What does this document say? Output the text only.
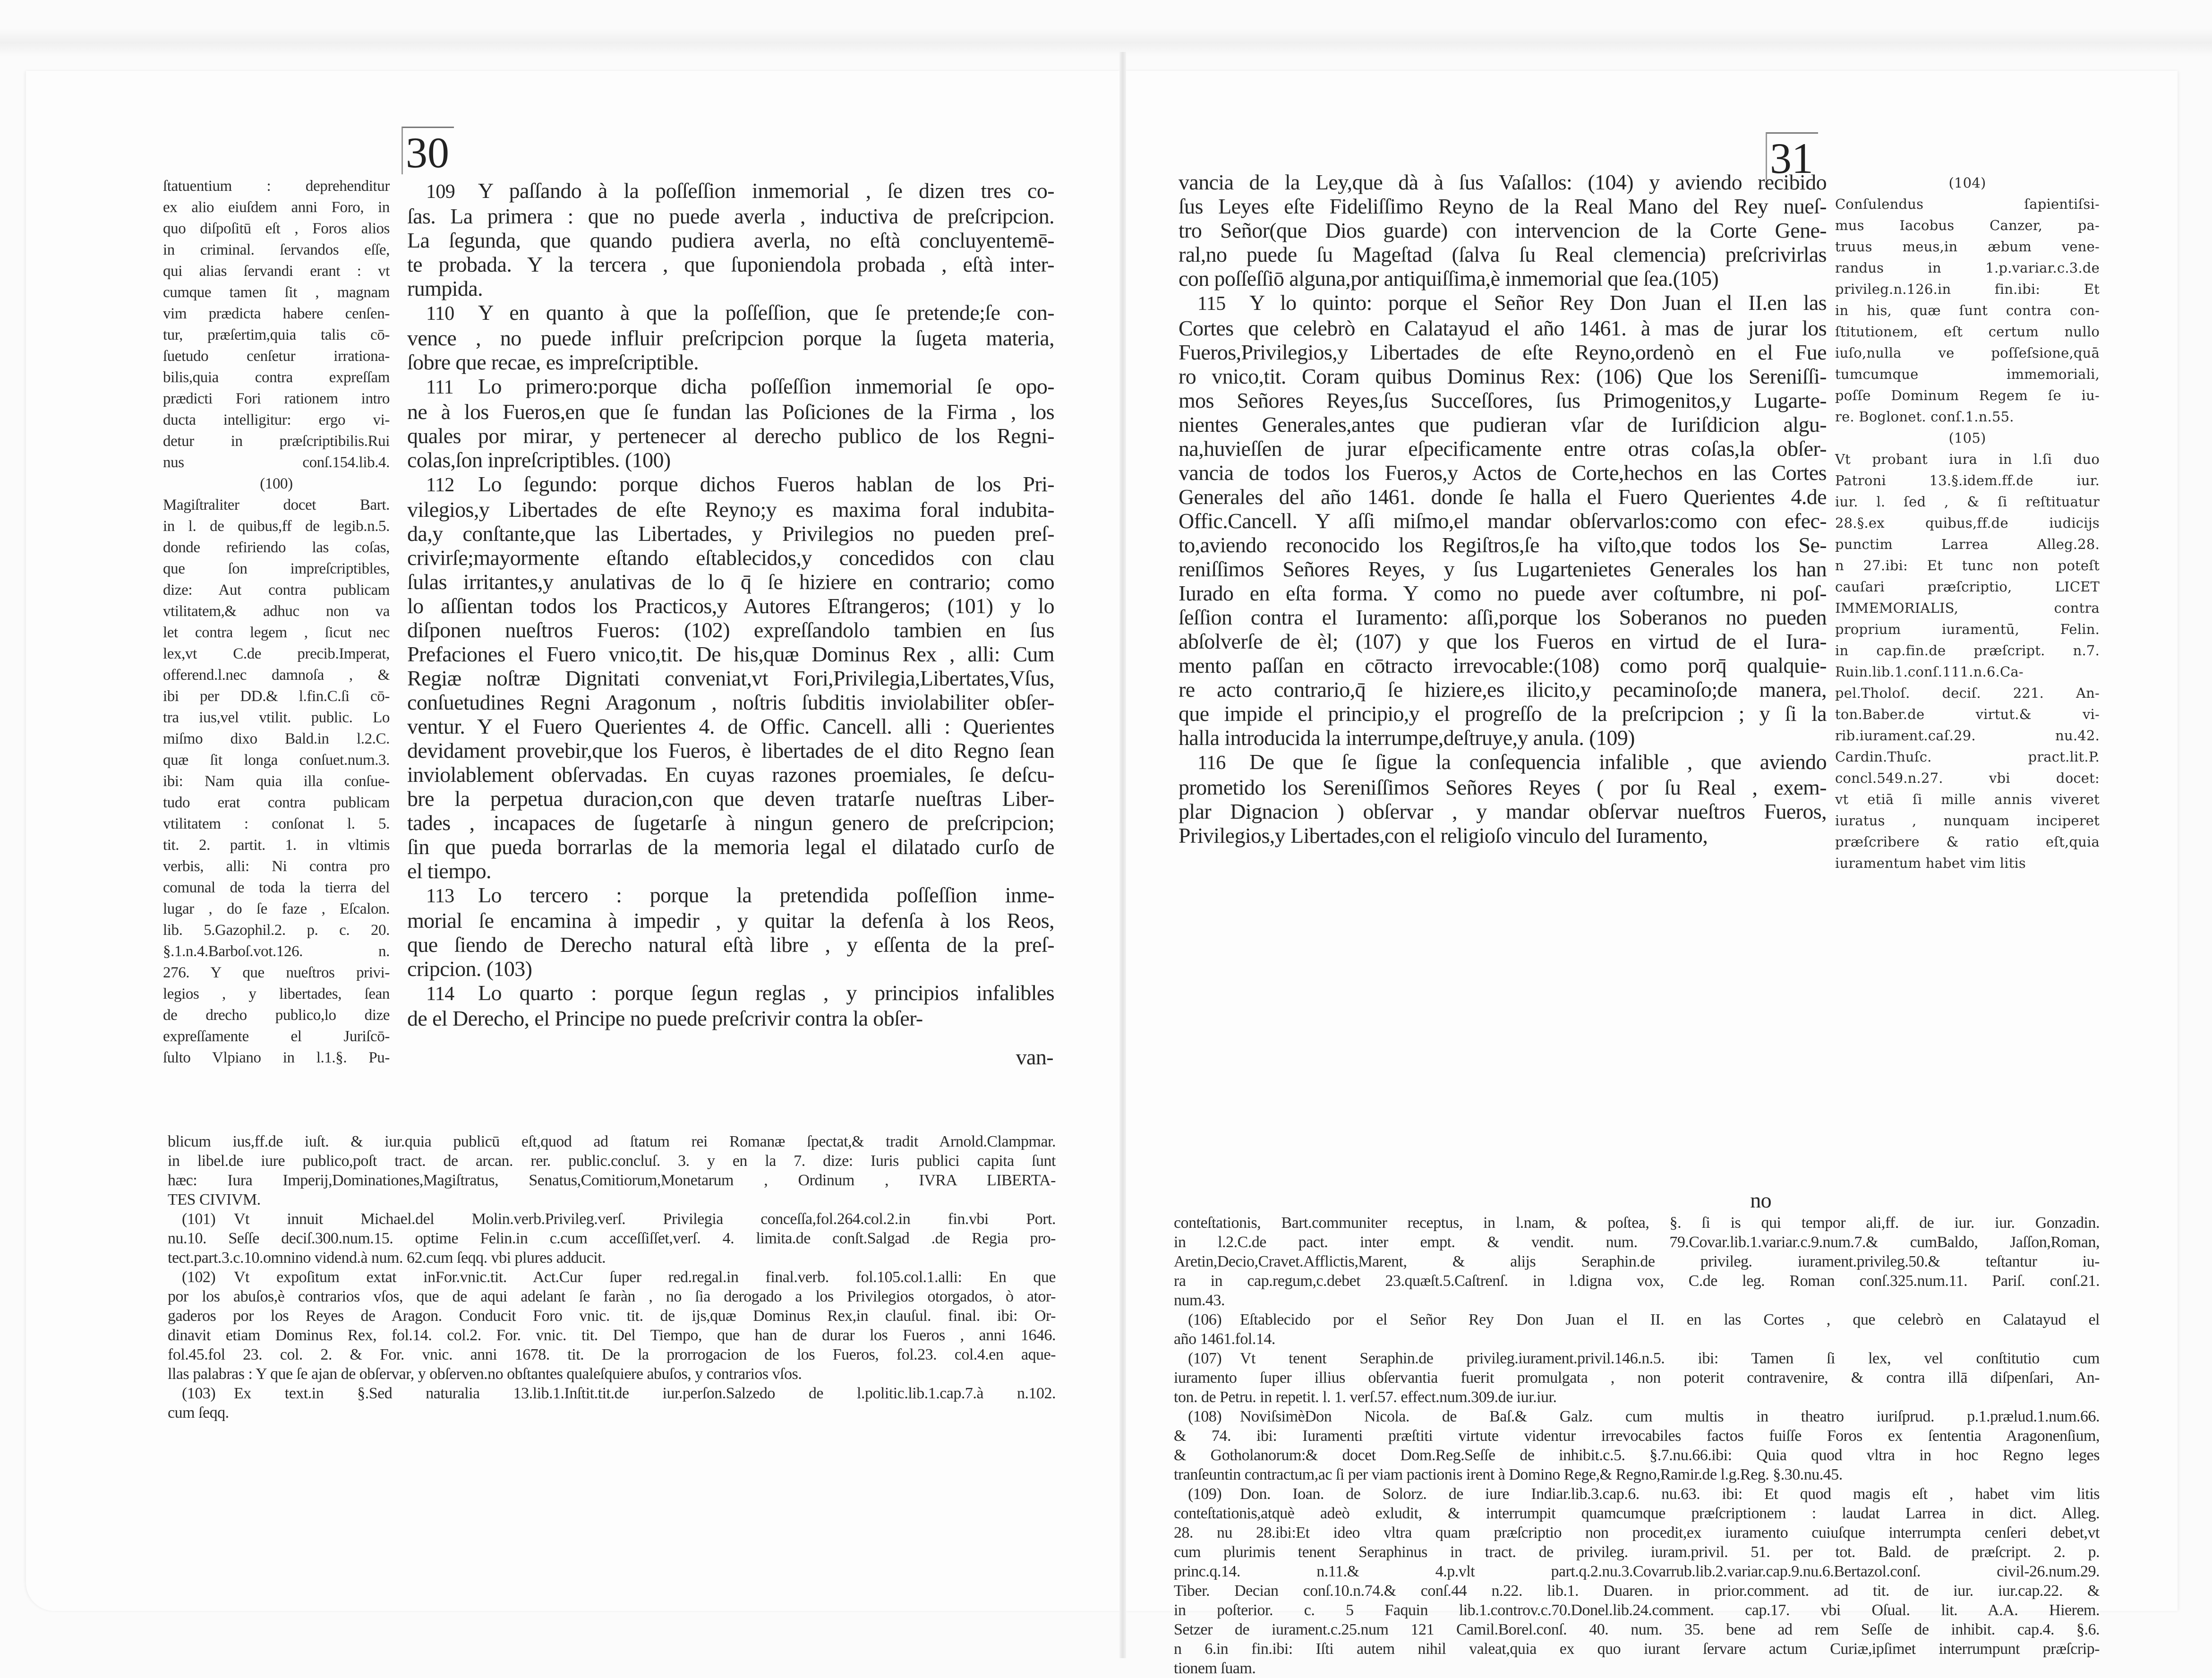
30
ſtatuentium : deprehenditur
ex alio eiuſdem anni Foro, in
quo diſpoſitū eſt , Foros alios
in criminal. ſervandos eſſe,
qui alias ſervandi erant : vt
cumque tamen ſit , magnam
vim prædicta habere cenſen-
tur, præſertim,quia talis cō-
ſuetudo cenſetur irrationa-
bilis,quia contra expreſſam
prædicti Fori rationem intro
ducta intelligitur: ergo vi-
detur in præſcriptibilis.Rui
nus conſ.154.lib.4.
(100)
Magiſtraliter docet Bart.
in l. de quibus,ff de legib.n.5.
donde refiriendo las coſas,
que ſon impreſcriptibles,
dize: Aut contra publicam
vtilitatem,& adhuc non va
let contra legem , ſicut nec
lex,vt C.de precib.Imperat,
offerend.l.nec damnoſa , &
ibi per DD.& l.fin.C.ſi cō-
tra ius,vel vtilit. public. Lo
miſmo dixo Bald.in l.2.C.
quæ ſit longa conſuet.num.3.
ibi: Nam quia illa conſue-
tudo erat contra publicam
vtilitatem : conſonat l. 5.
tit. 2. partit. 1. in vltimis
verbis, alli: Ni contra pro
comunal de toda la tierra del
lugar , do ſe faze , Eſcalon.
lib. 5.Gazophil.2. p. c. 20.
§.1.n.4.Barboſ.vot.126. n.
276. Y que nueſtros privi-
legios , y libertades, ſean
de drecho publico,lo dize
expreſſamente el Juriſcō-
ſulto Vlpiano in l.1.§. Pu-
109 Y paſſando à la poſſeſſion inmemorial , ſe dizen tres co-
ſas. La primera : que no puede averla , inductiva de preſcripcion.
La ſegunda, que quando pudiera averla, no eſtà concluyentemē-
te probada. Y la tercera , que ſuponiendola probada , eſtà inter-
rumpida.
110 Y en quanto à que la poſſeſſion, que ſe pretende;ſe con-
vence , no puede influir preſcripcion porque la ſugeta materia,
ſobre que recae, es impreſcriptible.
111 Lo primero:porque dicha poſſeſſion inmemorial ſe opo-
ne à los Fueros,en que ſe fundan las Poſiciones de la Firma , los
quales por mirar, y pertenecer al derecho publico de los Regni-
colas,ſon inpreſcriptibles. (100)
112 Lo ſegundo: porque dichos Fueros hablan de los Pri-
vilegios,y Libertades de eſte Reyno;y es maxima foral indubita-
da,y conſtante,que las Libertades, y Privilegios no pueden preſ-
crivirſe;mayormente eſtando eſtablecidos,y concedidos con clau
ſulas irritantes,y anulativas de lo q̄ ſe hiziere en contrario; como
lo aſſientan todos los Practicos,y Autores Eſtrangeros; (101) y lo
diſponen nueſtros Fueros: (102) expreſſandolo tambien en ſus
Prefaciones el Fuero vnico,tit. De his,quæ Dominus Rex , alli: Cum
Regiæ noſtræ Dignitati conveniat,vt Fori,Privilegia,Libertates,Vſus,
conſuetudines Regni Aragonum , noſtris ſubditis inviolabiliter obſer-
ventur. Y el Fuero Querientes 4. de Offic. Cancell. alli : Querientes
devidament provebir,que los Fueros, è libertades de el dito Regno ſean
inviolablement obſervadas. En cuyas razones proemiales, ſe deſcu-
bre la perpetua duracion,con que deven tratarſe nueſtras Liber-
tades , incapaces de ſugetarſe à ningun genero de preſcripcion;
ſin que pueda borrarlas de la memoria legal el dilatado curſo de
el tiempo.
113 Lo tercero : porque la pretendida poſſeſſion inme-
morial ſe encamina à impedir , y quitar la defenſa à los Reos,
que ſiendo de Derecho natural eſtà libre , y eſſenta de la preſ-
cripcion. (103)
114 Lo quarto : porque ſegun reglas , y principios infalibles
de el Derecho, el Principe no puede preſcrivir contra la obſer-
van-
blicum ius,ff.de iuſt. & iur.quia publicū eſt,quod ad ſtatum rei Romanæ ſpectat,& tradit Arnold.Clampmar.
in libel.de iure publico,poſt tract. de arcan. rer. public.concluſ. 3. y en la 7. dize: Iuris publici capita ſunt
hæc: Iura Imperij,Dominationes,Magiſtratus, Senatus,Comitiorum,Monetarum , Ordinum , IVRA LIBERTA-
TES CIVIVM.
(101) Vt innuit Michael.del Molin.verb.Privileg.verſ. Privilegia conceſſa,fol.264.col.2.in fin.vbi Port.
nu.10. Seſſe deciſ.300.num.15. optime Felin.in c.cum acceſſiſſet,verſ. 4. limita.de conſt.Salgad .de Regia pro-
tect.part.3.c.10.omnino vidend.à num. 62.cum ſeqq. vbi plures adducit.
(102) Vt expoſitum extat inFor.vnic.tit. Act.Cur ſuper red.regal.in final.verb. fol.105.col.1.alli: En que
por los abuſos,è contrarios vſos, que de aqui adelant ſe faràn , no ſia derogado a los Privilegios otorgados, ò ator-
gaderos por los Reyes de Aragon. Conducit Foro vnic. tit. de ijs,quæ Dominus Rex,in clauſul. final. ibi: Or-
dinavit etiam Dominus Rex, fol.14. col.2. For. vnic. tit. Del Tiempo, que han de durar los Fueros , anni 1646.
fol.45.fol 23. col. 2. & For. vnic. anni 1678. tit. De la prorrogacion de los Fueros, fol.23. col.4.en aque-
llas palabras : Y que ſe ajan de obſervar, y obſerven.no obſtantes qualeſquiere abuſos, y contrarios vſos.
(103) Ex text.in §.Sed naturalia 13.lib.1.Inſtit.tit.de iur.perſon.Salzedo de l.politic.lib.1.cap.7.à n.102.
cum ſeqq.
31
vancia de la Ley,que dà à ſus Vaſallos: (104) y aviendo recibido
ſus Leyes eſte Fideliſſimo Reyno de la Real Mano del Rey nueſ-
tro Señor(que Dios guarde) con intervencion de la Corte Gene-
ral,no puede ſu Mageſtad (ſalva ſu Real clemencia) preſcrivirlas
con poſſeſſiō alguna,por antiquiſſima,è inmemorial que ſea.(105)
115 Y lo quinto: porque el Señor Rey Don Juan el II.en las
Cortes que celebrò en Calatayud el año 1461. à mas de jurar los
Fueros,Privilegios,y Libertades de eſte Reyno,ordenò en el Fue
ro vnico,tit. Coram quibus Dominus Rex: (106) Que los Sereniſſi-
mos Señores Reyes,ſus Succeſſores, ſus Primogenitos,y Lugarte-
nientes Generales,antes que pudieran vſar de Iuriſdicion algu-
na,huvieſſen de jurar eſpecificamente entre otras coſas,la obſer-
vancia de todos los Fueros,y Actos de Corte,hechos en las Cortes
Generales del año 1461. donde ſe halla el Fuero Querientes 4.de
Offic.Cancell. Y aſſi miſmo,el mandar obſervarlos:como con efec-
to,aviendo reconocido los Regiſtros,ſe ha viſto,que todos los Se-
reniſſimos Señores Reyes, y ſus Lugartenietes Generales los han
Iurado en eſta forma. Y como no puede aver coſtumbre, ni poſ-
ſeſſion contra el Iuramento: aſſi,porque los Soberanos no pueden
abſolverſe de èl; (107) y que los Fueros en virtud de el Iura-
mento paſſan en cōtracto irrevocable:(108) como porq̄ qualquie-
re acto contrario,q̄ ſe hiziere,es ilicito,y pecaminoſo;de manera,
que impide el principio,y el progreſſo de la preſcripcion ; y ſi la
halla introducida la interrumpe,deſtruye,y anula. (109)
116 De que ſe ſigue la conſequencia infalible , que aviendo
prometido los Sereniſſimos Señores Reyes ( por ſu Real , exem-
plar Dignacion ) obſervar , y mandar obſervar nueſtros Fueros,
Privilegios,y Libertades,con el religioſo vinculo del Iuramento,
no
(104)
Conſulendus ſapientiſsi-
mus Iacobus Canzer, pa-
truus meus,in æbum vene-
randus in 1.p.variar.c.3.de
privileg.n.126.in fin.ibi: Et
in his, quæ ſunt contra con-
ſtitutionem, eſt certum nullo
iuſo,nulla ve poſſeſsione,quā
tumcumque immemoriali,
poſſe Dominum Regem ſe iu-
re. Boglonet. conſ.1.n.55.
(105)
Vt probant iura in l.ſi duo
Patroni 13.§.idem.ff.de iur.
iur. l. ſed , & ſi reſtituatur
28.§.ex quibus,ff.de iudicijs
punctim Larrea Alleg.28.
n 27.ibi: Et tunc non poteſt
cauſari præſcriptio, LICET
IMMEMORIALIS, contra
proprium iuramentū, Felin.
in cap.fin.de præſcript. n.7.
Ruin.lib.1.conſ.111.n.6.Ca-
pel.Tholoſ. deciſ. 221. An-
ton.Baber.de virtut.& vi-
rib.iurament.caſ.29. nu.42.
Cardin.Thuſc. pract.lit.P.
concl.549.n.27. vbi docet:
vt etiā ſi mille annis viveret
iuratus , nunquam inciperet
præſcribere & ratio eſt,quia
iuramentum habet vim litis
conteſtationis, Bart.communiter receptus, in l.nam, & poſtea, §. ſi is qui tempor ali,ff. de iur. iur. Gonzadin.
in l.2.C.de pact. inter empt. & vendit. num. 79.Covar.lib.1.variar.c.9.num.7.& cumBaldo, Jaſſon,Roman,
Aretin,Decio,Cravet.Afflictis,Marent, & alijs Seraphin.de privileg. iurament.privileg.50.& teſtantur iu-
ra in cap.regum,c.debet 23.quæſt.5.Caſtrenſ. in l.digna vox, C.de leg. Roman conſ.325.num.11. Pariſ. conſ.21.
num.43.
(106) Eſtablecido por el Señor Rey Don Juan el II. en las Cortes , que celebrò en Calatayud el
año 1461.fol.14.
(107) Vt tenent Seraphin.de privileg.iurament.privil.146.n.5. ibi: Tamen ſi lex, vel conſtitutio cum
iuramento ſuper illius obſervantia fuerit promulgata , non poterit contravenire, & contra illā diſpenſari, An-
ton. de Petru. in repetit. l. 1. verſ.57. effect.num.309.de iur.iur.
(108) NoviſsimèDon Nicola. de Baſ.& Galz. cum multis in theatro iuriſprud. p.1.prælud.1.num.66.
& 74. ibi: Iuramenti præſtiti virtute videntur irrevocabiles factos fuiſſe Foros ex ſententia Aragonenſium,
& Gotholanorum:& docet Dom.Reg.Seſſe de inhibit.c.5. §.7.nu.66.ibi: Quia quod vltra in hoc Regno leges
tranſeuntin contractum,ac ſi per viam pactionis irent à Domino Rege,& Regno,Ramir.de l.g.Reg. §.30.nu.45.
(109) Don. Ioan. de Solorz. de iure Indiar.lib.3.cap.6. nu.63. ibi: Et quod magis eſt , habet vim litis
conteſtationis,atquè adeò exludit, & interrumpit quamcumque præſcriptionem : laudat Larrea in dict. Alleg.
28. nu 28.ibi:Et ideo vltra quam præſcriptio non procedit,ex iuramento cuiuſque interrumpta cenſeri debet,vt
cum plurimis tenent Seraphinus in tract. de privileg. iuram.privil. 51. per tot. Bald. de præſcript. 2. p.
princ.q.14. n.11.& 4.p.vlt part.q.2.nu.3.Covarrub.lib.2.variar.cap.9.nu.6.Bertazol.conſ. civil-26.num.29.
Tiber. Decian conſ.10.n.74.& conſ.44 n.22. lib.1. Duaren. in prior.comment. ad tit. de iur. iur.cap.22. &
in poſterior. c. 5 Faquin lib.1.controv.c.70.Donel.lib.24.comment. cap.17. vbi Oſual. lit. A.A. Hierem.
Setzer de iurament.c.25.num 121 Camil.Borel.conſ. 40. num. 35. bene ad rem Seſſe de inhibit. cap.4. §.6.
n 6.in fin.ibi: Iſti autem nihil valeat,quia ex quo iurant ſervare actum Curiæ,ipſimet interrumpunt præſcrip-
tionem ſuam.
